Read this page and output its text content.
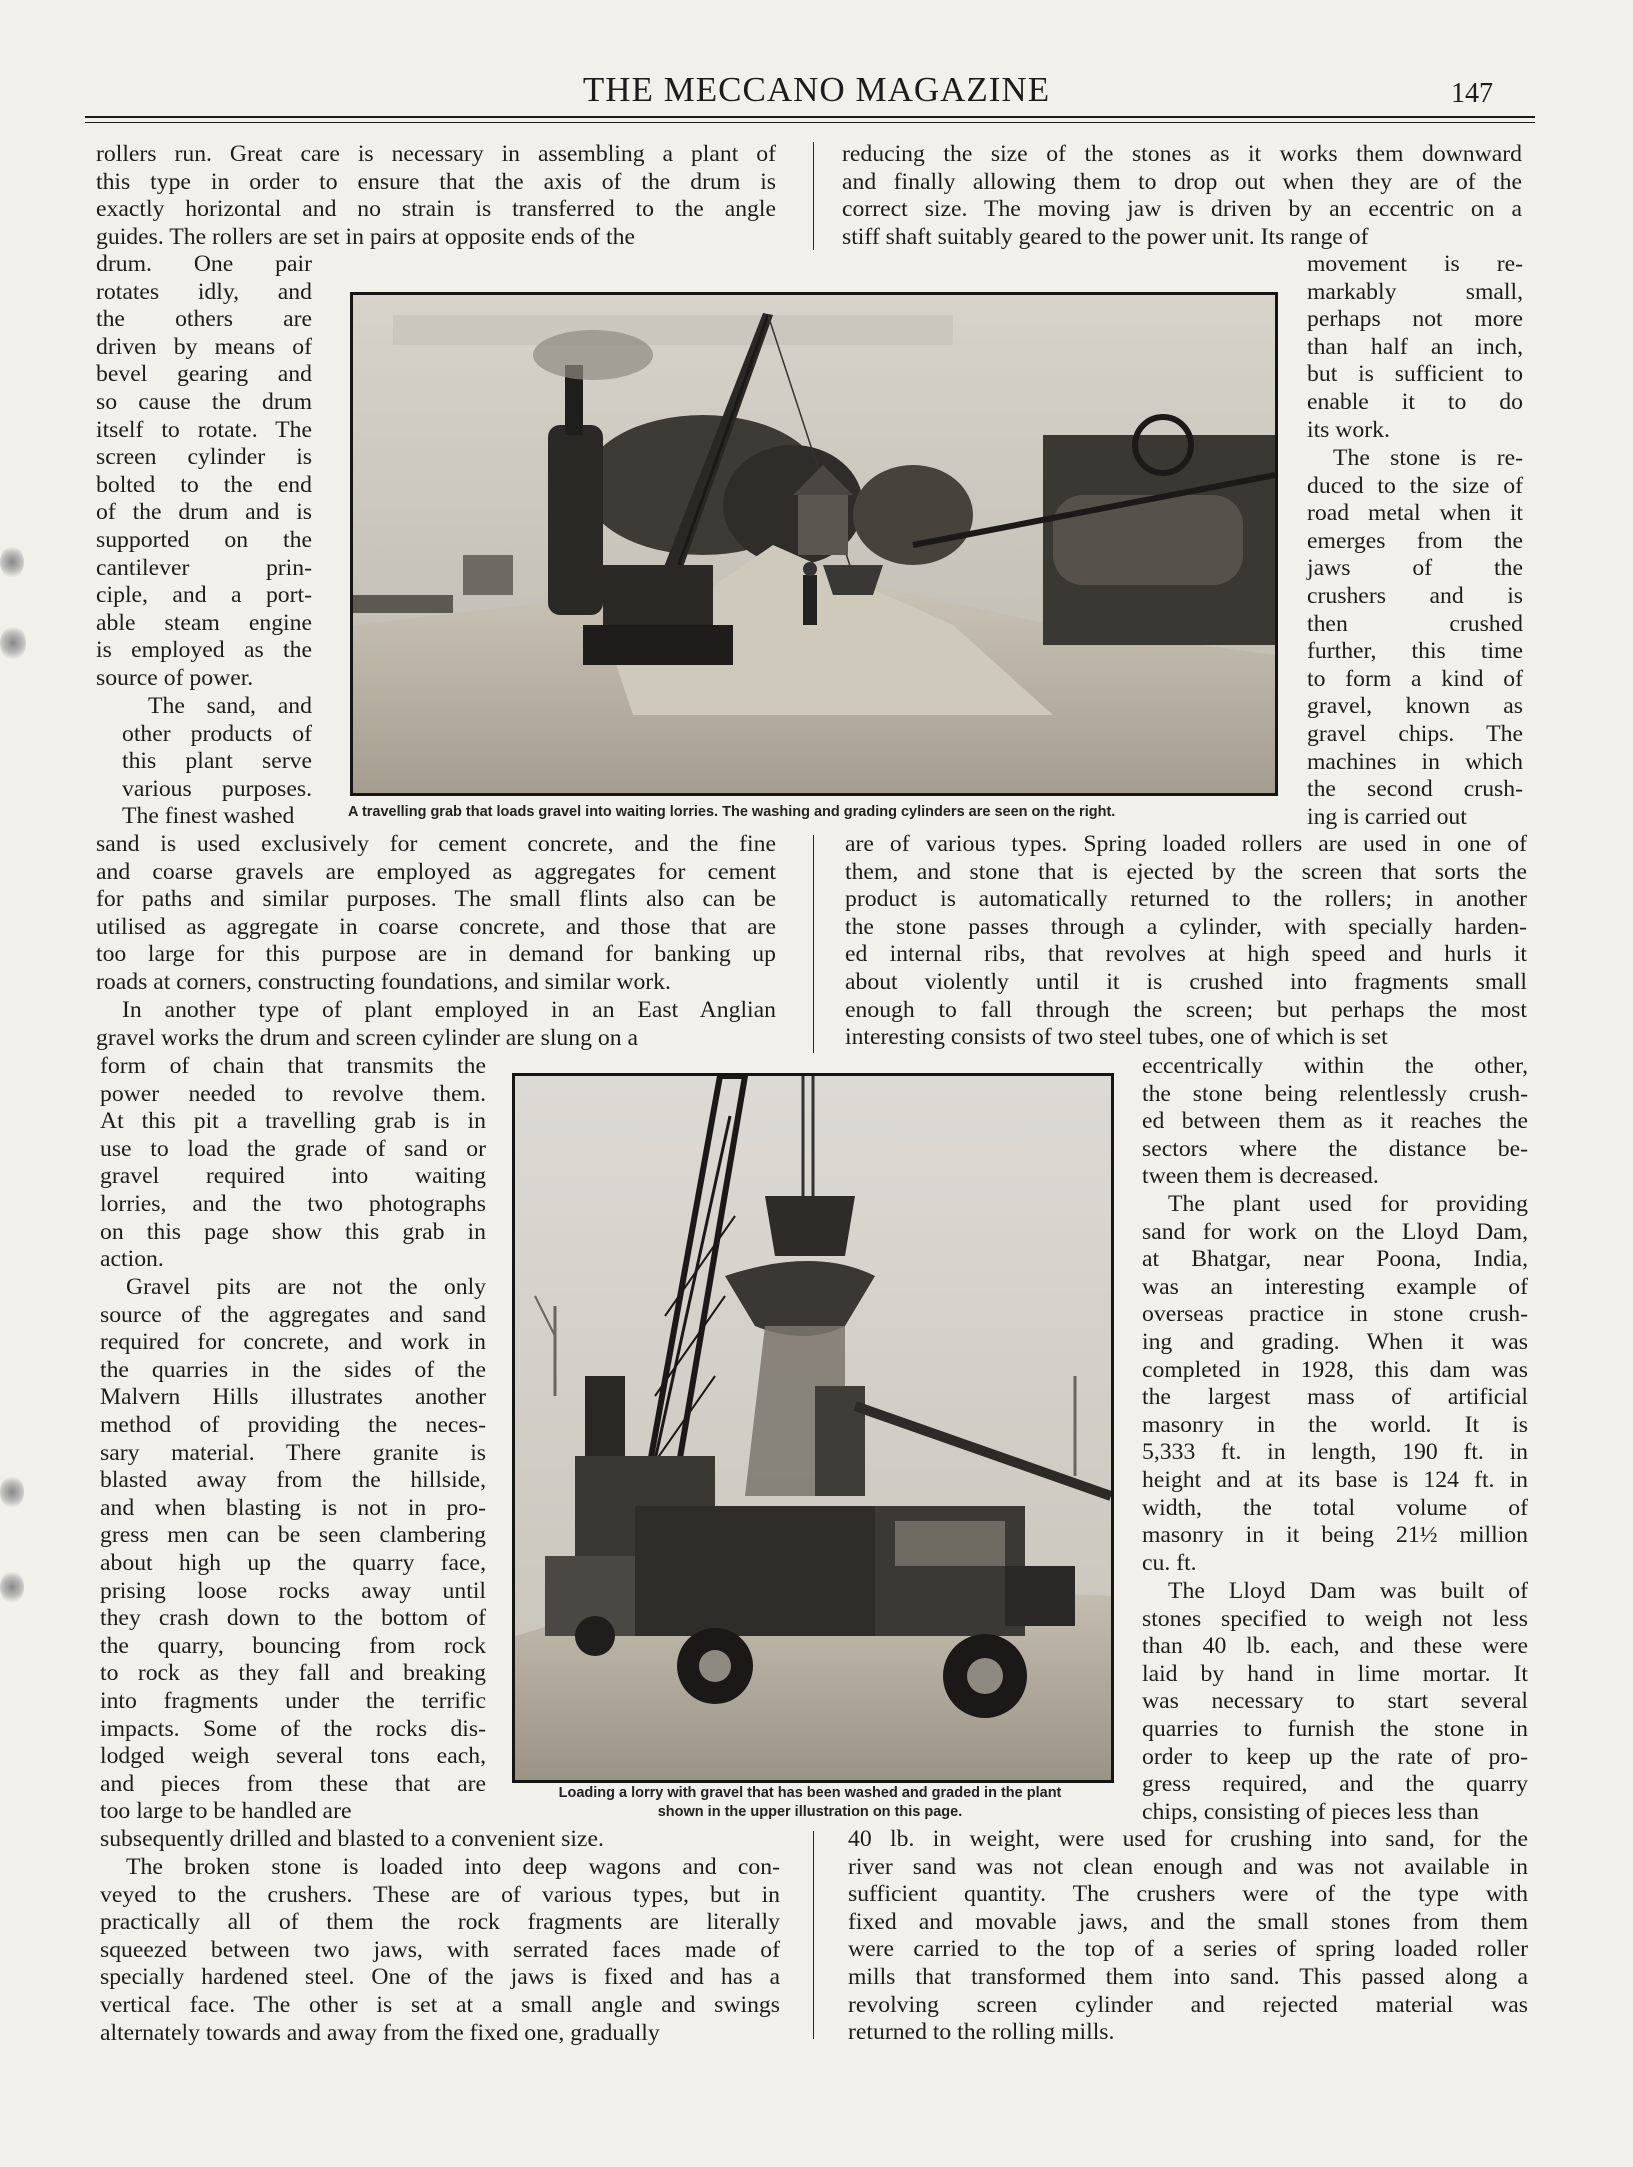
THE MECCANO MAGAZINE	147
rollers run. Great care is necessary in assembling a plant of
this type in order to ensure that the axis of the drum is
exactly horizontal and no strain is transferred to the angle
guides. The rollers are set in pairs at opposite ends of the
drum. One pair
rotates idly, and
the others are
driven by means of
bevel gearing and
so cause the drum
itself to rotate. The
screen cylinder is
bolted to the end
of the drum and is
supported on the
cantilever prin-
ciple, and a port-
able steam engine
is employed as the
source of power.
The sand, and
other products of
this plant serve
various purposes.
The finest washed
sand is used exclusively for cement concrete, and the fine
and coarse gravels are employed as aggregates for cement
for paths and similar purposes. The small flints also can be
utilised as aggregate in coarse concrete, and those that are
too large for this purpose are in demand for banking up
roads at corners, constructing foundations, and similar work.
In another type of plant employed in an East Anglian
gravel works the drum and screen cylinder are slung on a
form of chain that transmits the
power needed to revolve them.
At this pit a travelling grab is in
use to load the grade of sand or
gravel required into waiting
lorries, and the two photographs
on this page show this grab in
action.
Gravel pits are not the only
source of the aggregates and sand
required for concrete, and work in
the quarries in the sides of the
Malvern Hills illustrates another
method of providing the neces-
sary material. There granite is
blasted away from the hillside,
and when blasting is not in pro-
gress men can be seen clambering
about high up the quarry face,
prising loose rocks away until
they crash down to the bottom of
the quarry, bouncing from rock
to rock as they fall and breaking
into fragments under the terrific
impacts. Some of the rocks dis-
lodged weigh several tons each,
and pieces from these that are
too large to be handled are
subsequently drilled and blasted to a convenient size.
The broken stone is loaded into deep wagons and con-
veyed to the crushers. These are of various types, but in
practically all of them the rock fragments are literally
squeezed between two jaws, with serrated faces made of
specially hardened steel. One of the jaws is fixed and has a
vertical face. The other is set at a small angle and swings
alternately towards and away from the fixed one, gradually
reducing the size of the stones as it works them downward
and finally allowing them to drop out when they are of the
correct size. The moving jaw is driven by an eccentric on a
stiff shaft suitably geared to the power unit. Its range of
movement is re-
markably small,
perhaps not more
than half an inch,
but is sufficient to
enable it to do
its work.
The stone is re-
duced to the size of
road metal when it
emerges from the
jaws of the
crushers and is
then crushed
further, this time
to form a kind of
gravel, known as
gravel chips. The
machines in which
the second crush-
ing is carried out
are of various types. Spring loaded rollers are used in one of
them, and stone that is ejected by the screen that sorts the
product is automatically returned to the rollers; in another
the stone passes through a cylinder, with specially harden-
ed internal ribs, that revolves at high speed and hurls it
about violently until it is crushed into fragments small
enough to fall through the screen; but perhaps the most
interesting consists of two steel tubes, one of which is set
eccentrically within the other,
the stone being relentlessly crush-
ed between them as it reaches the
sectors where the distance be-
tween them is decreased.
The plant used for providing
sand for work on the Lloyd Dam,
at Bhatgar, near Poona, India,
was an interesting example of
overseas practice in stone crush-
ing and grading. When it was
completed in 1928, this dam was
the largest mass of artificial
masonry in the world. It is
5,333 ft. in length, 190 ft. in
height and at its base is 124 ft. in
width, the total volume of
masonry in it being 21½ million
cu. ft.
The Lloyd Dam was built of
stones specified to weigh not less
than 40 lb. each, and these were
laid by hand in lime mortar. It
was necessary to start several
quarries to furnish the stone in
order to keep up the rate of pro-
gress required, and the quarry
chips, consisting of pieces less than
40 lb. in weight, were used for crushing into sand, for the
river sand was not clean enough and was not available in
sufficient quantity. The crushers were of the type with
fixed and movable jaws, and the small stones from them
were carried to the top of a series of spring loaded roller
mills that transformed them into sand. This passed along a
revolving screen cylinder and rejected material was
returned to the rolling mills.
A travelling grab that loads gravel into waiting lorries. The washing and grading cylinders are seen on the right.
Loading a lorry with gravel that has been washed and graded in the plant
shown in the upper illustration on this page.
